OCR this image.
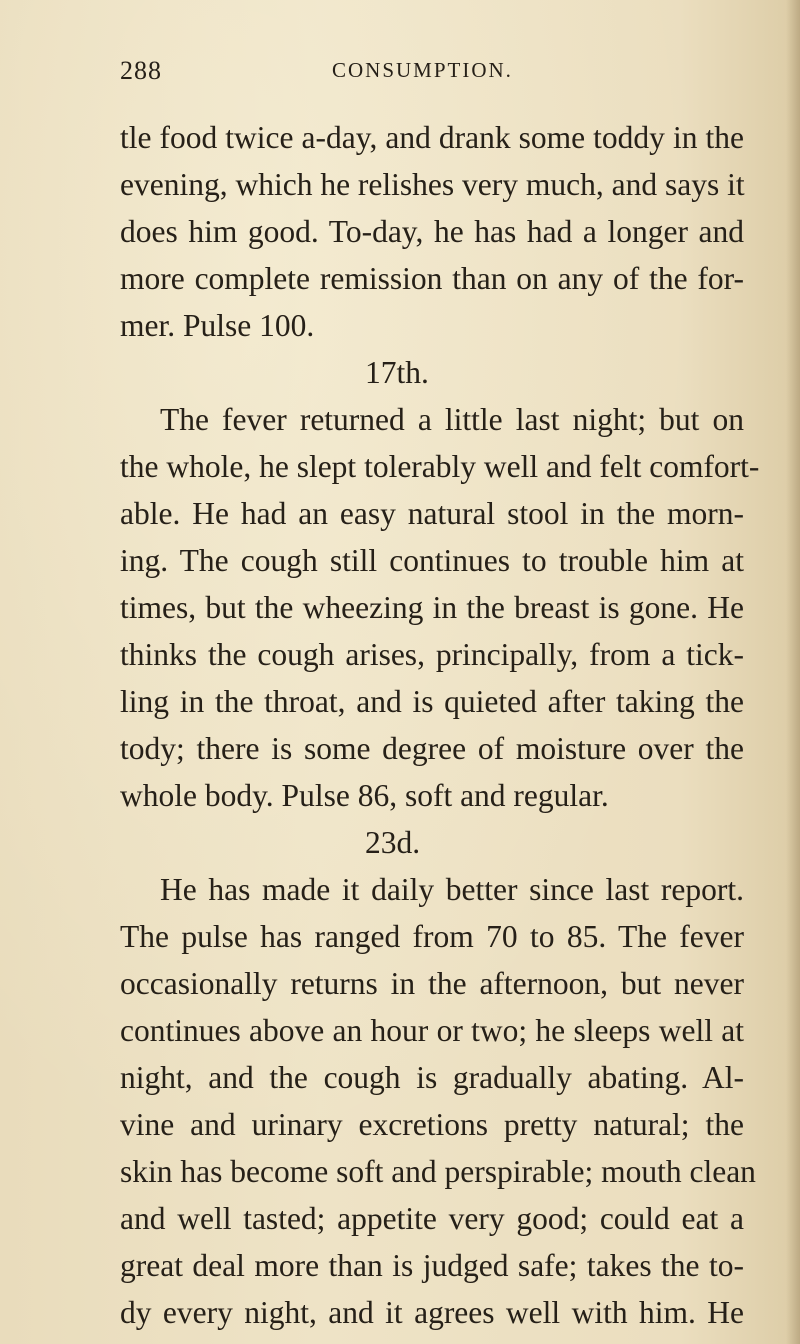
288	CONSUMPTION.
tle food twice a-day, and drank some toddy in the
evening, which he relishes very much, and says it
does him good. To-day, he has had a longer and
more complete remission than on any of the for-
mer. Pulse 100.
17th.
The fever returned a little last night; but on
the whole, he slept tolerably well and felt comfort-
able. He had an easy natural stool in the morn-
ing. The cough still continues to trouble him at
times, but the wheezing in the breast is gone. He
thinks the cough arises, principally, from a tick-
ling in the throat, and is quieted after taking the
tody; there is some degree of moisture over the
whole body. Pulse 86, soft and regular.
23d.
He has made it daily better since last report.
The pulse has ranged from 70 to 85. The fever
occasionally returns in the afternoon, but never
continues above an hour or two; he sleeps well at
night, and the cough is gradually abating. Al-
vine and urinary excretions pretty natural; the
skin has become soft and perspirable; mouth clean
and well tasted; appetite very good; could eat a
great deal more than is judged safe; takes the to-
dy every night, and it agrees well with him. He
